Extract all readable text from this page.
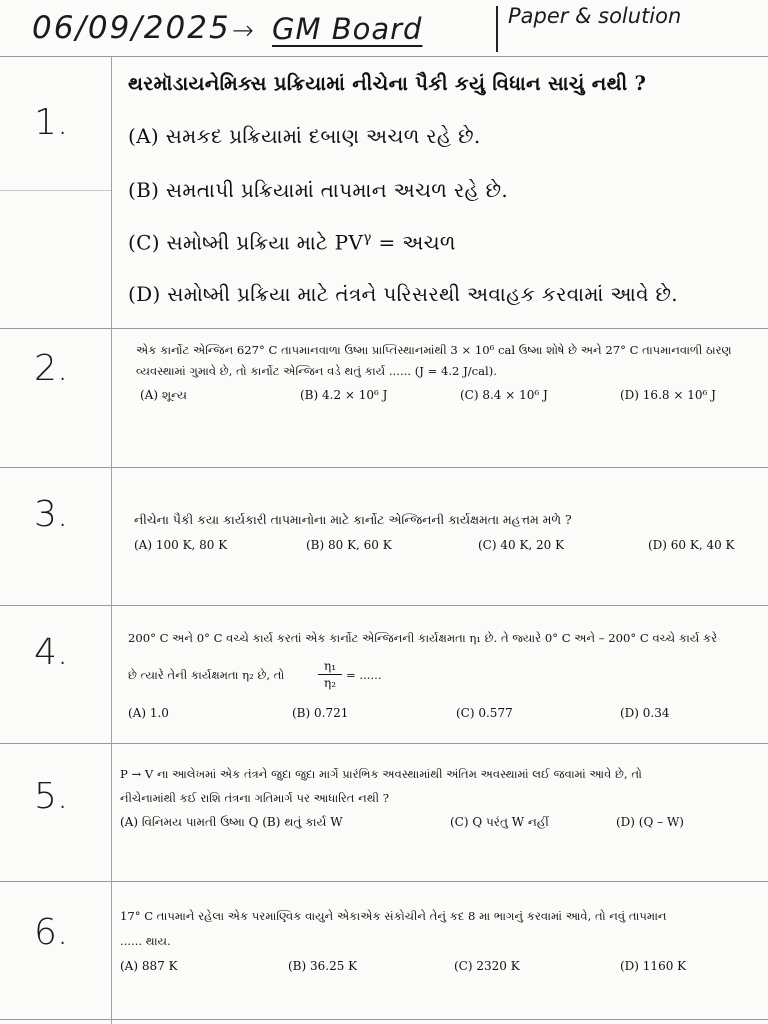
06/09/2025 → GM Board	Paper & solution
1.
થરમૉડાયનેમિક્સ પ્રક્રિયામાં નીચેના પૈકી કયું વિધાન સાચું નથી ?
(A) સમકદ પ્રક્રિયામાં દબાણ અચળ રહે છે.
(B) સમતાપી પ્રક્રિયામાં તાપમાન અચળ રહે છે.
(C) સમોષ્મી પ્રક્રિયા માટે $PV^\gamma$ = અચળ
(D) સમોષ્મી પ્રક્રિયા માટે તંત્રને પરિસરથી અવાહક કરવામાં આવે છે.
2.	એક કાર્નોટ એન્જિન 627° C તાપમાનવાળા ઉષ્મા પ્રાપ્તિસ્થાનમાંથી 3 × 10⁶ cal ઉષ્મા શોષે છે અને 27° C તાપમાનવાળી ઠારણ
વ્યવસ્થામાં ગુમાવે છે, તો કાર્નોટ એન્જિન વડે થતું કાર્ય ...... (J = 4.2 J/cal).
(A) શૂન્ય	(B) 4.2 × 10⁶ J	(C) 8.4 × 10⁶ J	(D) 16.8 × 10⁶ J
3.	નીચેના પૈકી કયા કાર્યકારી તાપમાનોના માટે કાર્નોટ એન્જિનની કાર્યક્ષમતા મહત્તમ મળે ?
(A) 100 K, 80 K	(B) 80 K, 60 K	(C) 40 K, 20 K	(D) 60 K, 40 K
4.	200° C અને 0° C વચ્ચે કાર્ય કરતાં એક કાર્નોટ એન્જિનની કાર્યક્ષમતા η₁ છે. તે જ્યારે 0° C અને – 200° C વચ્ચે કાર્ય કરે
છે ત્યારે તેની કાર્યક્ષમતા η₂ છે, તો
η₁
η₂
= ......
(A) 1.0	(B) 0.721	(C) 0.577	(D) 0.34
5.
P → V ના આલેખમાં એક તંત્રને જુદા જુદા માર્ગે પ્રારંભિક અવસ્થામાંથી અંતિમ અવસ્થામાં લઈ જવામાં આવે છે, તો
નીચેનામાંથી કઈ રાશિ તંત્રના ગતિમાર્ગ પર આધારિત નથી ?
(A) વિનિમય પામતી ઉષ્મા Q (B) થતું કાર્ય W	(C) Q પરંતુ W નહીં	(D) (Q – W)
6.	17° C તાપમાને રહેલા એક પરમાણ્વિક વાયુને એકાએક સંકોચીને તેનું કદ 8 મા ભાગનું કરવામાં આવે, તો નવું તાપમાન
...... થાય.
(A) 887 K	(B) 36.25 K	(C) 2320 K	(D) 1160 K
